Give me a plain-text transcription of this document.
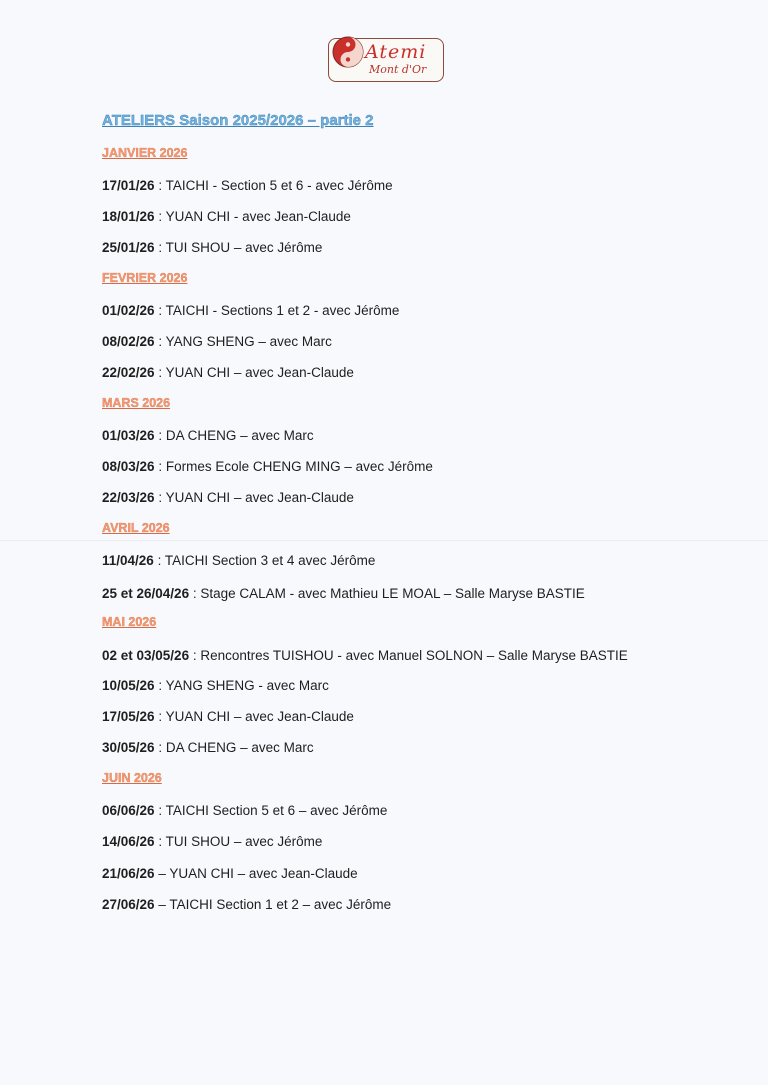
Atemi
Mont d'Or
ATELIERS Saison 2025/2026 – partie 2
JANVIER 2026
17/01/26 : TAICHI - Section 5 et 6 - avec Jérôme
18/01/26 : YUAN CHI - avec Jean-Claude
25/01/26 : TUI SHOU – avec Jérôme
FEVRIER 2026
01/02/26 : TAICHI - Sections 1 et 2 - avec Jérôme
08/02/26 : YANG SHENG – avec Marc
22/02/26 : YUAN CHI – avec Jean-Claude
MARS 2026
01/03/26 : DA CHENG – avec Marc
08/03/26 : Formes Ecole CHENG MING – avec Jérôme
22/03/26 : YUAN CHI – avec Jean-Claude
AVRIL 2026
11/04/26 : TAICHI Section 3 et 4 avec Jérôme
25 et 26/04/26 : Stage CALAM - avec Mathieu LE MOAL – Salle Maryse BASTIE
MAI 2026
02 et 03/05/26 : Rencontres TUISHOU - avec Manuel SOLNON – Salle Maryse BASTIE
10/05/26 : YANG SHENG - avec Marc
17/05/26 : YUAN CHI – avec Jean-Claude
30/05/26 : DA CHENG – avec Marc
JUIN 2026
06/06/26 : TAICHI Section 5 et 6 – avec Jérôme
14/06/26 : TUI SHOU – avec Jérôme
21/06/26 – YUAN CHI – avec Jean-Claude
27/06/26 – TAICHI Section 1 et 2 – avec Jérôme
